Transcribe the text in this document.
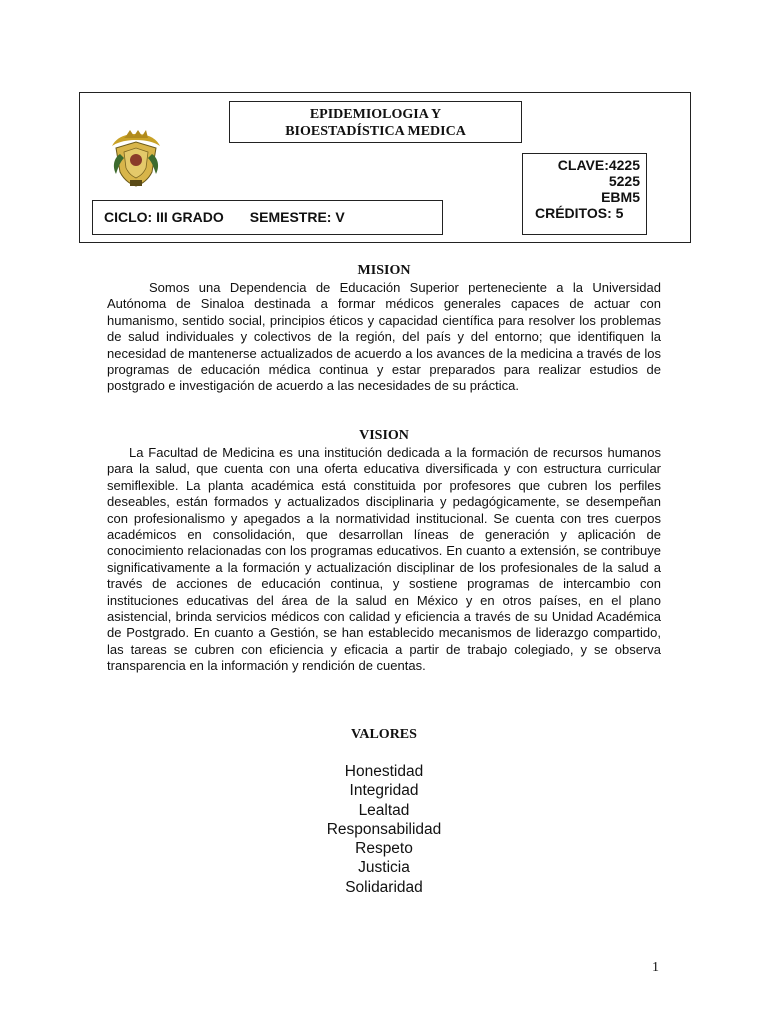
EPIDEMIOLOGIA Y
BIOESTADÍSTICA MEDICA
CICLO: III GRADO SEMESTRE: V
CLAVE:4225
5225
EBM5
CRÉDITOS: 5
MISION
Somos una Dependencia de Educación Superior perteneciente a la Universidad Autónoma de Sinaloa destinada a formar médicos generales capaces de actuar con humanismo, sentido social, principios éticos y capacidad científica para resolver los problemas de salud individuales y colectivos de la región, del país y del entorno; que identifiquen la necesidad de mantenerse actualizados de acuerdo a los avances de la medicina a través de los programas de educación médica continua y estar preparados para realizar estudios de postgrado e investigación de acuerdo a las necesidades de su práctica.
VISION
La Facultad de Medicina es una institución dedicada a la formación de recursos humanos para la salud, que cuenta con una oferta educativa diversificada y con estructura curricular semiflexible. La planta académica está constituida por profesores que cubren los perfiles deseables, están formados y actualizados disciplinaria y pedagógicamente, se desempeñan con profesionalismo y apegados a la normatividad institucional. Se cuenta con tres cuerpos académicos en consolidación, que desarrollan líneas de generación y aplicación de conocimiento relacionadas con los programas educativos. En cuanto a extensión, se contribuye significativamente a la formación y actualización disciplinar de los profesionales de la salud a través de acciones de educación continua, y sostiene programas de intercambio con instituciones educativas del área de la salud en México y en otros países, en el plano asistencial, brinda servicios médicos con calidad y eficiencia a través de su Unidad Académica de Postgrado. En cuanto a Gestión, se han establecido mecanismos de liderazgo compartido, las tareas se cubren con eficiencia y eficacia a partir de trabajo colegiado, y se observa transparencia en la información y rendición de cuentas.
VALORES
Honestidad
Integridad
Lealtad
Responsabilidad
Respeto
Justicia
Solidaridad
1
